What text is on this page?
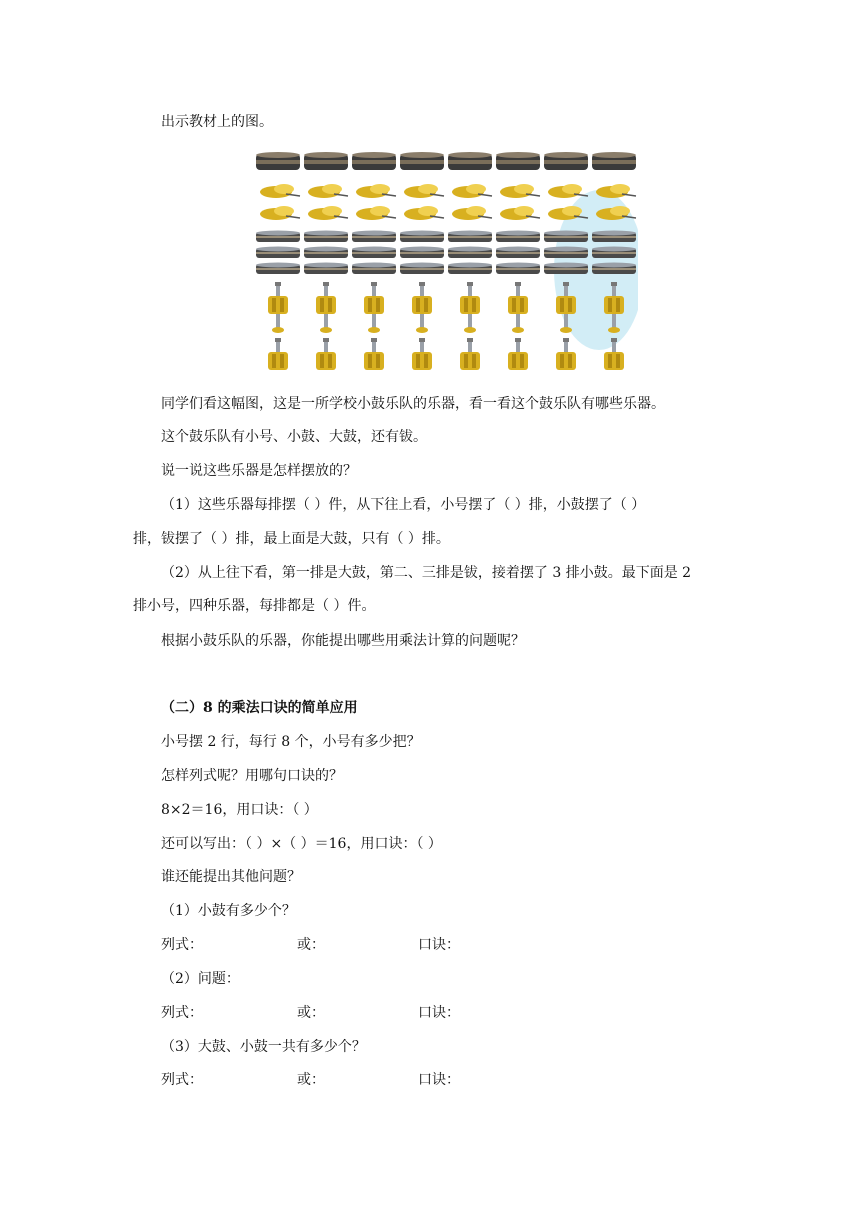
出示教材上的图。
同学们看这幅图，这是一所学校小鼓乐队的乐器，看一看这个鼓乐队有哪些乐器。
这个鼓乐队有小号、小鼓、大鼓，还有钹。
说一说这些乐器是怎样摆放的？
（1）这些乐器每排摆（ ）件，从下往上看，小号摆了（ ）排，小鼓摆了（ ）
排，钹摆了（ ）排，最上面是大鼓，只有（ ）排。
（2）从上往下看，第一排是大鼓，第二、三排是钹，接着摆了 3 排小鼓。最下面是 2
排小号，四种乐器，每排都是（ ）件。
根据小鼓乐队的乐器，你能提出哪些用乘法计算的问题呢？
（二）8 的乘法口诀的简单应用
小号摆 2 行，每行 8 个，小号有多少把？
怎样列式呢？用哪句口诀的？
8×2＝16，用口诀：（ ）
还可以写出：（ ）×（ ）＝16，用口诀：（ ）
谁还能提出其他问题？
（1）小鼓有多少个？
列式：	或：	口诀：
（2）问题：
列式：	或：	口诀：
（3）大鼓、小鼓一共有多少个？
列式：	或：	口诀：
